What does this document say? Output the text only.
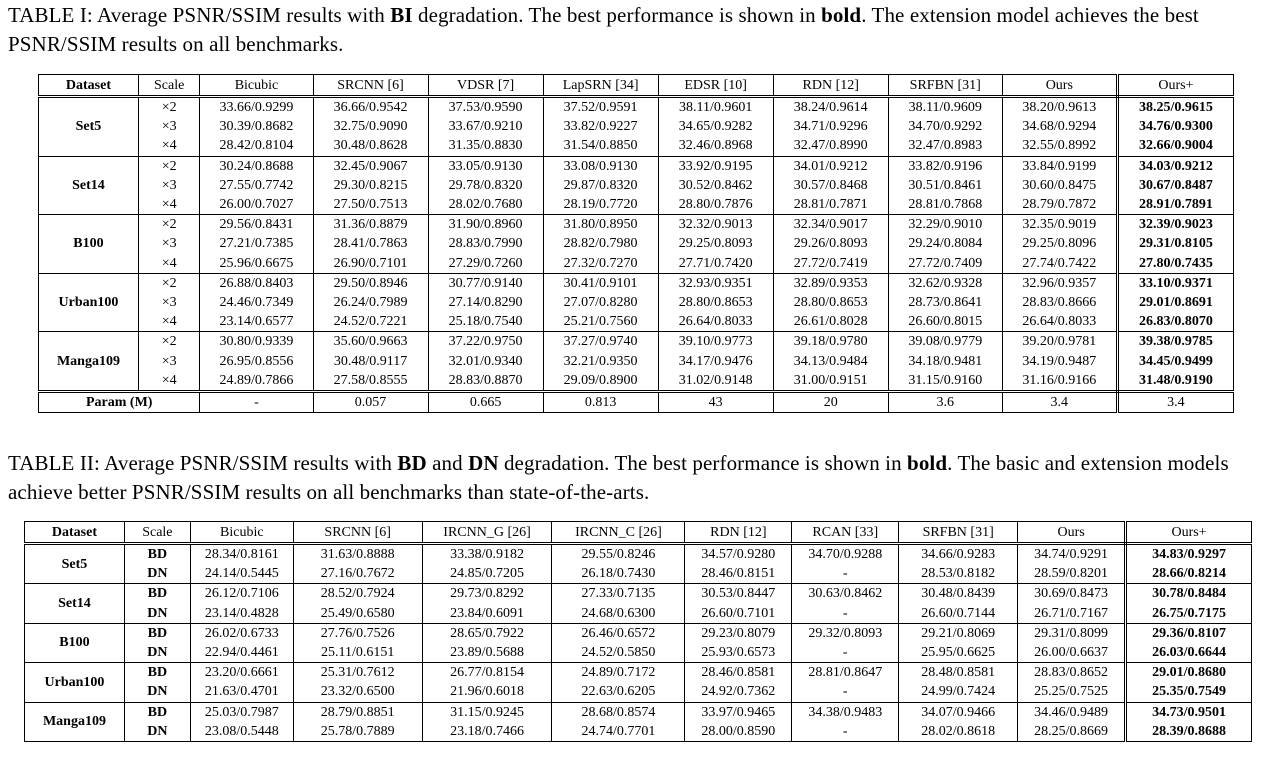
TABLE I: Average PSNR/SSIM results with BI degradation. The best performance is shown in bold. The extension model achieves the best PSNR/SSIM results on all benchmarks.
Dataset	Scale	Bicubic	SRCNN [6]	VDSR [7]	LapSRN [34]	EDSR [10]	RDN [12]	SRFBN [31]	Ours	Ours+
Set5	×2	33.66/0.9299	36.66/0.9542	37.53/0.9590	37.52/0.9591	38.11/0.9601	38.24/0.9614	38.11/0.9609	38.20/0.9613	38.25/0.9615
	×3	30.39/0.8682	32.75/0.9090	33.67/0.9210	33.82/0.9227	34.65/0.9282	34.71/0.9296	34.70/0.9292	34.68/0.9294	34.76/0.9300
	×4	28.42/0.8104	30.48/0.8628	31.35/0.8830	31.54/0.8850	32.46/0.8968	32.47/0.8990	32.47/0.8983	32.55/0.8992	32.66/0.9004
Set14	×2	30.24/0.8688	32.45/0.9067	33.05/0.9130	33.08/0.9130	33.92/0.9195	34.01/0.9212	33.82/0.9196	33.84/0.9199	34.03/0.9212
	×3	27.55/0.7742	29.30/0.8215	29.78/0.8320	29.87/0.8320	30.52/0.8462	30.57/0.8468	30.51/0.8461	30.60/0.8475	30.67/0.8487
	×4	26.00/0.7027	27.50/0.7513	28.02/0.7680	28.19/0.7720	28.80/0.7876	28.81/0.7871	28.81/0.7868	28.79/0.7872	28.91/0.7891
B100	×2	29.56/0.8431	31.36/0.8879	31.90/0.8960	31.80/0.8950	32.32/0.9013	32.34/0.9017	32.29/0.9010	32.35/0.9019	32.39/0.9023
	×3	27.21/0.7385	28.41/0.7863	28.83/0.7990	28.82/0.7980	29.25/0.8093	29.26/0.8093	29.24/0.8084	29.25/0.8096	29.31/0.8105
	×4	25.96/0.6675	26.90/0.7101	27.29/0.7260	27.32/0.7270	27.71/0.7420	27.72/0.7419	27.72/0.7409	27.74/0.7422	27.80/0.7435
Urban100	×2	26.88/0.8403	29.50/0.8946	30.77/0.9140	30.41/0.9101	32.93/0.9351	32.89/0.9353	32.62/0.9328	32.96/0.9357	33.10/0.9371
	×3	24.46/0.7349	26.24/0.7989	27.14/0.8290	27.07/0.8280	28.80/0.8653	28.80/0.8653	28.73/0.8641	28.83/0.8666	29.01/0.8691
	×4	23.14/0.6577	24.52/0.7221	25.18/0.7540	25.21/0.7560	26.64/0.8033	26.61/0.8028	26.60/0.8015	26.64/0.8033	26.83/0.8070
Manga109	×2	30.80/0.9339	35.60/0.9663	37.22/0.9750	37.27/0.9740	39.10/0.9773	39.18/0.9780	39.08/0.9779	39.20/0.9781	39.38/0.9785
	×3	26.95/0.8556	30.48/0.9117	32.01/0.9340	32.21/0.9350	34.17/0.9476	34.13/0.9484	34.18/0.9481	34.19/0.9487	34.45/0.9499
	×4	24.89/0.7866	27.58/0.8555	28.83/0.8870	29.09/0.8900	31.02/0.9148	31.00/0.9151	31.15/0.9160	31.16/0.9166	31.48/0.9190
Param (M)		-	0.057	0.665	0.813	43	20	3.6	3.4	3.4
TABLE II: Average PSNR/SSIM results with BD and DN degradation. The best performance is shown in bold. The basic and extension models achieve better PSNR/SSIM results on all benchmarks than state-of-the-arts.
Dataset	Scale	Bicubic	SRCNN [6]	IRCNN_G [26]	IRCNN_C [26]	RDN [12]	RCAN [33]	SRFBN [31]	Ours	Ours+
Set5	BD	28.34/0.8161	31.63/0.8888	33.38/0.9182	29.55/0.8246	34.57/0.9280	34.70/0.9288	34.66/0.9283	34.74/0.9291	34.83/0.9297
	DN	24.14/0.5445	27.16/0.7672	24.85/0.7205	26.18/0.7430	28.46/0.8151	-	28.53/0.8182	28.59/0.8201	28.66/0.8214
Set14	BD	26.12/0.7106	28.52/0.7924	29.73/0.8292	27.33/0.7135	30.53/0.8447	30.63/0.8462	30.48/0.8439	30.69/0.8473	30.78/0.8484
	DN	23.14/0.4828	25.49/0.6580	23.84/0.6091	24.68/0.6300	26.60/0.7101	-	26.60/0.7144	26.71/0.7167	26.75/0.7175
B100	BD	26.02/0.6733	27.76/0.7526	28.65/0.7922	26.46/0.6572	29.23/0.8079	29.32/0.8093	29.21/0.8069	29.31/0.8099	29.36/0.8107
	DN	22.94/0.4461	25.11/0.6151	23.89/0.5688	24.52/0.5850	25.93/0.6573	-	25.95/0.6625	26.00/0.6637	26.03/0.6644
Urban100	BD	23.20/0.6661	25.31/0.7612	26.77/0.8154	24.89/0.7172	28.46/0.8581	28.81/0.8647	28.48/0.8581	28.83/0.8652	29.01/0.8680
	DN	21.63/0.4701	23.32/0.6500	21.96/0.6018	22.63/0.6205	24.92/0.7362	-	24.99/0.7424	25.25/0.7525	25.35/0.7549
Manga109	BD	25.03/0.7987	28.79/0.8851	31.15/0.9245	28.68/0.8574	33.97/0.9465	34.38/0.9483	34.07/0.9466	34.46/0.9489	34.73/0.9501
	DN	23.08/0.5448	25.78/0.7889	23.18/0.7466	24.74/0.7701	28.00/0.8590	-	28.02/0.8618	28.25/0.8669	28.39/0.8688
